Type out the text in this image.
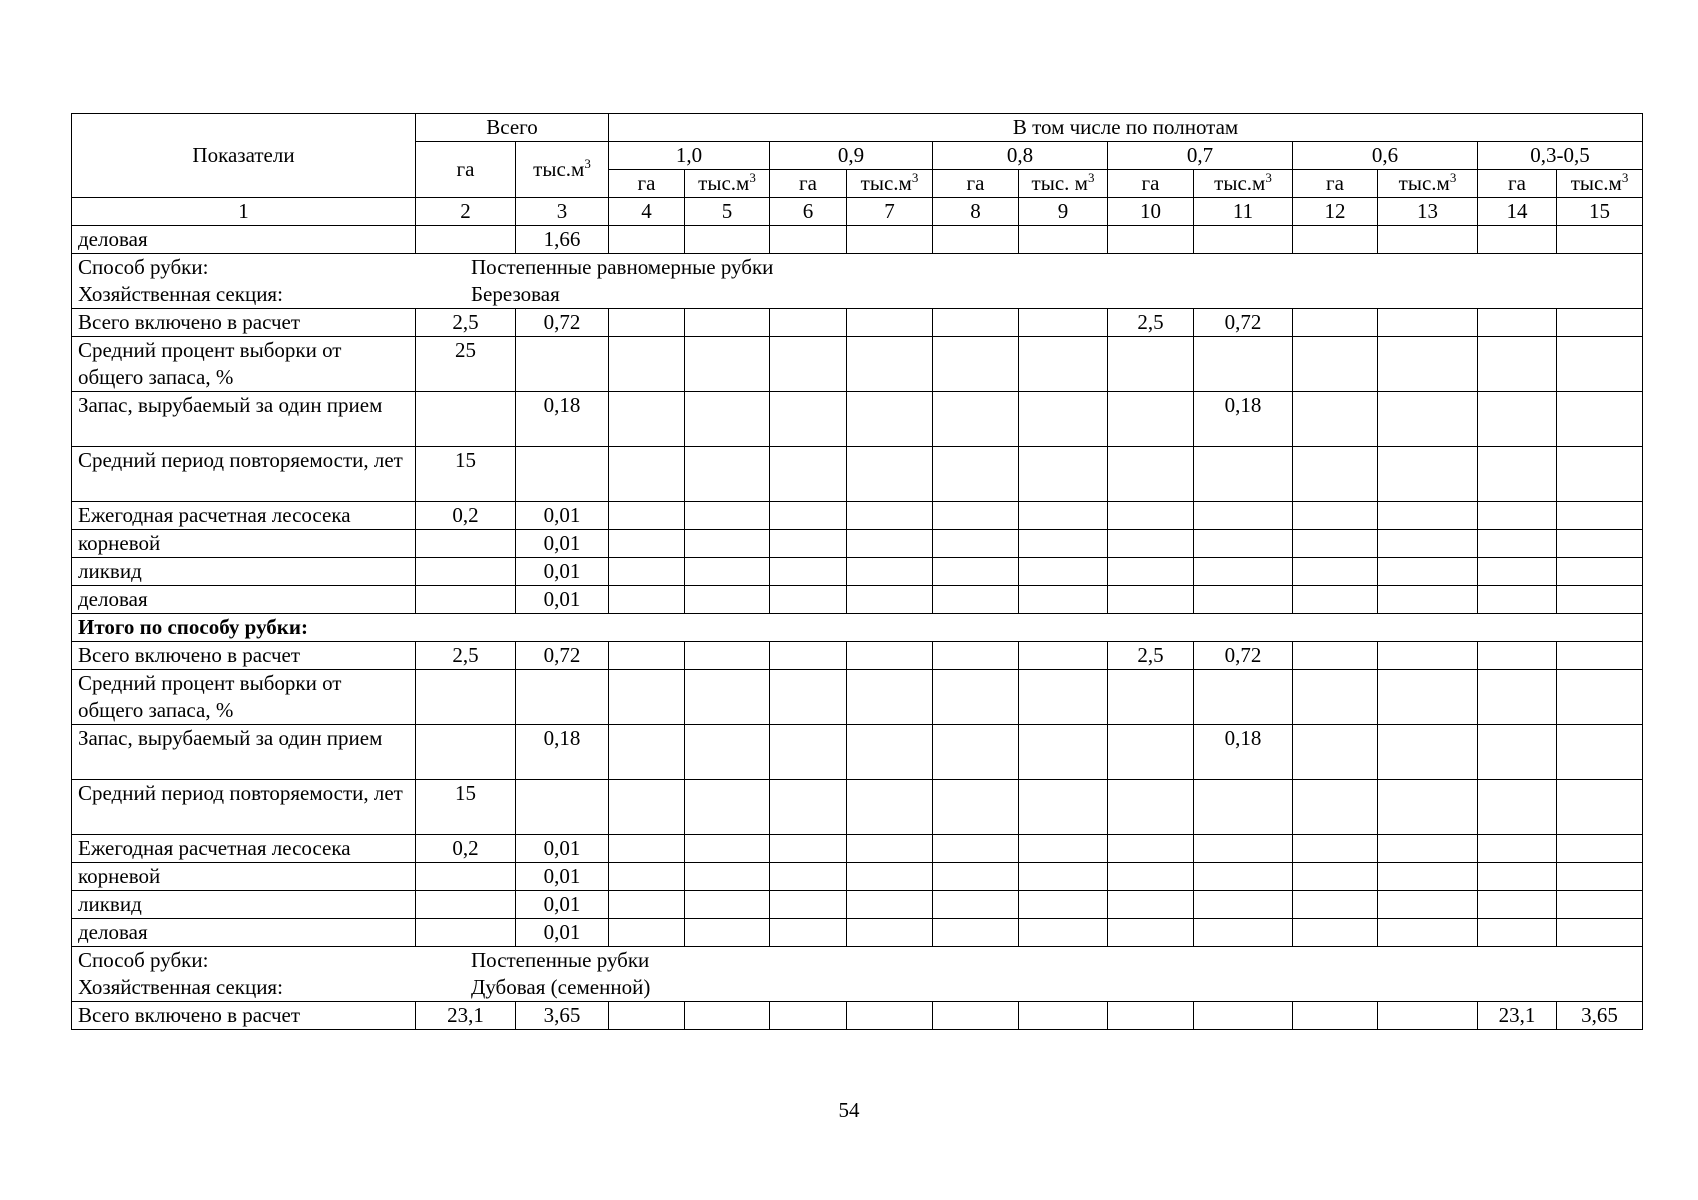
Показатели	Всего		В том числе по полнотам											
	га	$тыс.м^3$	1,0		0,9		0,8		0,7		0,6		0,3-0,5	
			га	$тыс.м^3$	га	$тыс.м^3$	га	тыс. $м^3$	га	$тыс.м^3$	га	$тыс.м^3$	га	$тыс.м^3$
1	2	3	4	5	6	7	8	9	10	11	12	13	14	15
деловая		1,66												

Способ рубки: Постепенные равномерные рубки
Хозяйственная секция: Березовая														

Всего включено в расчет	2,5	0,72							2,5	0,72				
Средний процент выборки от общего запаса, %	25													
Запас, вырубаемый за один прием		0,18								0,18				
Средний период повторяемости, лет	15													
Ежегодная расчетная лесосека	0,2	0,01												
корневой		0,01												
ликвид		0,01												
деловая		0,01												
Итого по способу рубки:														
Всего включено в расчет	2,5	0,72							2,5	0,72				
Средний процент выборки от общего запаса, %														
Запас, вырубаемый за один прием		0,18								0,18				
Средний период повторяемости, лет	15													
Ежегодная расчетная лесосека	0,2	0,01												
корневой		0,01												
ликвид		0,01												
деловая		0,01												

Способ рубки: Постепенные рубки
Хозяйственная секция: Дубовая (семенной)														

Всего включено в расчет	23,1	3,65											23,1	3,65
54
